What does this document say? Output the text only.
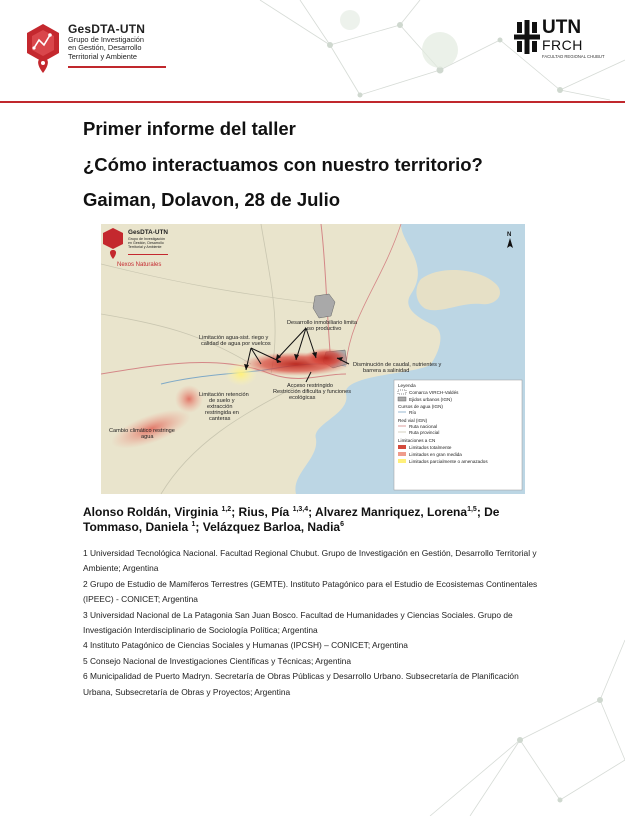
GesDTA-UTN
Grupo de Investigación
en Gestión, Desarrollo
Territorial y Ambiente
UTN
FRCH
FACULTAD REGIONAL CHUBUT
Primer informe del taller
¿Cómo interactuamos con nuestro territorio?
Gaiman, Dolavon, 28 de Julio
Desarrollo inmobiliario limita uso productivo
Limitación agua-sist. riego y calidad de agua por vuelcos
Disminución de caudal, nutrientes y barrera a salinidad
Acceso restringido Restricción dificulta y funciones ecológicas
Limitación retención de suelo y extracción restringida en canteras
Cambio climático restringe agua
GesDTA-UTN
Grupo de Investigación en Gestión, Desarrollo Territorial y Ambiente
Nexos Naturales
N
Leyenda
Comarca VIRCH-Valdés
Ejidos urbanos (IGN)
Cursos de agua (IGN)
Río
Red vial (IGN)
Ruta nacional
Ruta provincial
Limitaciones a CN
Limitados totalmente
Limitados en gran medida
Limitados parcialmente o amenazados
Alonso Roldán, Virginia $^{1,2}$; Rius, Pía $^{1,3,4}$; Alvarez Manriquez, Lorena$^{1,5}$; De Tommaso, Daniela $^1$; Velázquez Barloa, Nadia$^6$
1 Universidad Tecnológica Nacional. Facultad Regional Chubut. Grupo de Investigación en Gestión, Desarrollo Territorial y Ambiente; Argentina
2 Grupo de Estudio de Mamíferos Terrestres (GEMTE). Instituto Patagónico para el Estudio de Ecosistemas Continentales (IPEEC) - CONICET; Argentina
3 Universidad Nacional de La Patagonia San Juan Bosco. Facultad de Humanidades y Ciencias Sociales. Grupo de Investigación Interdisciplinario de Sociología Política; Argentina
4 Instituto Patagónico de Ciencias Sociales y Humanas (IPCSH) – CONICET; Argentina
5 Consejo Nacional de Investigaciones Científicas y Técnicas; Argentina
6 Municipalidad de Puerto Madryn. Secretaría de Obras Públicas y Desarrollo Urbano. Subsecretaría de Planificación Urbana, Subsecretaría de Obras y Proyectos; Argentina
